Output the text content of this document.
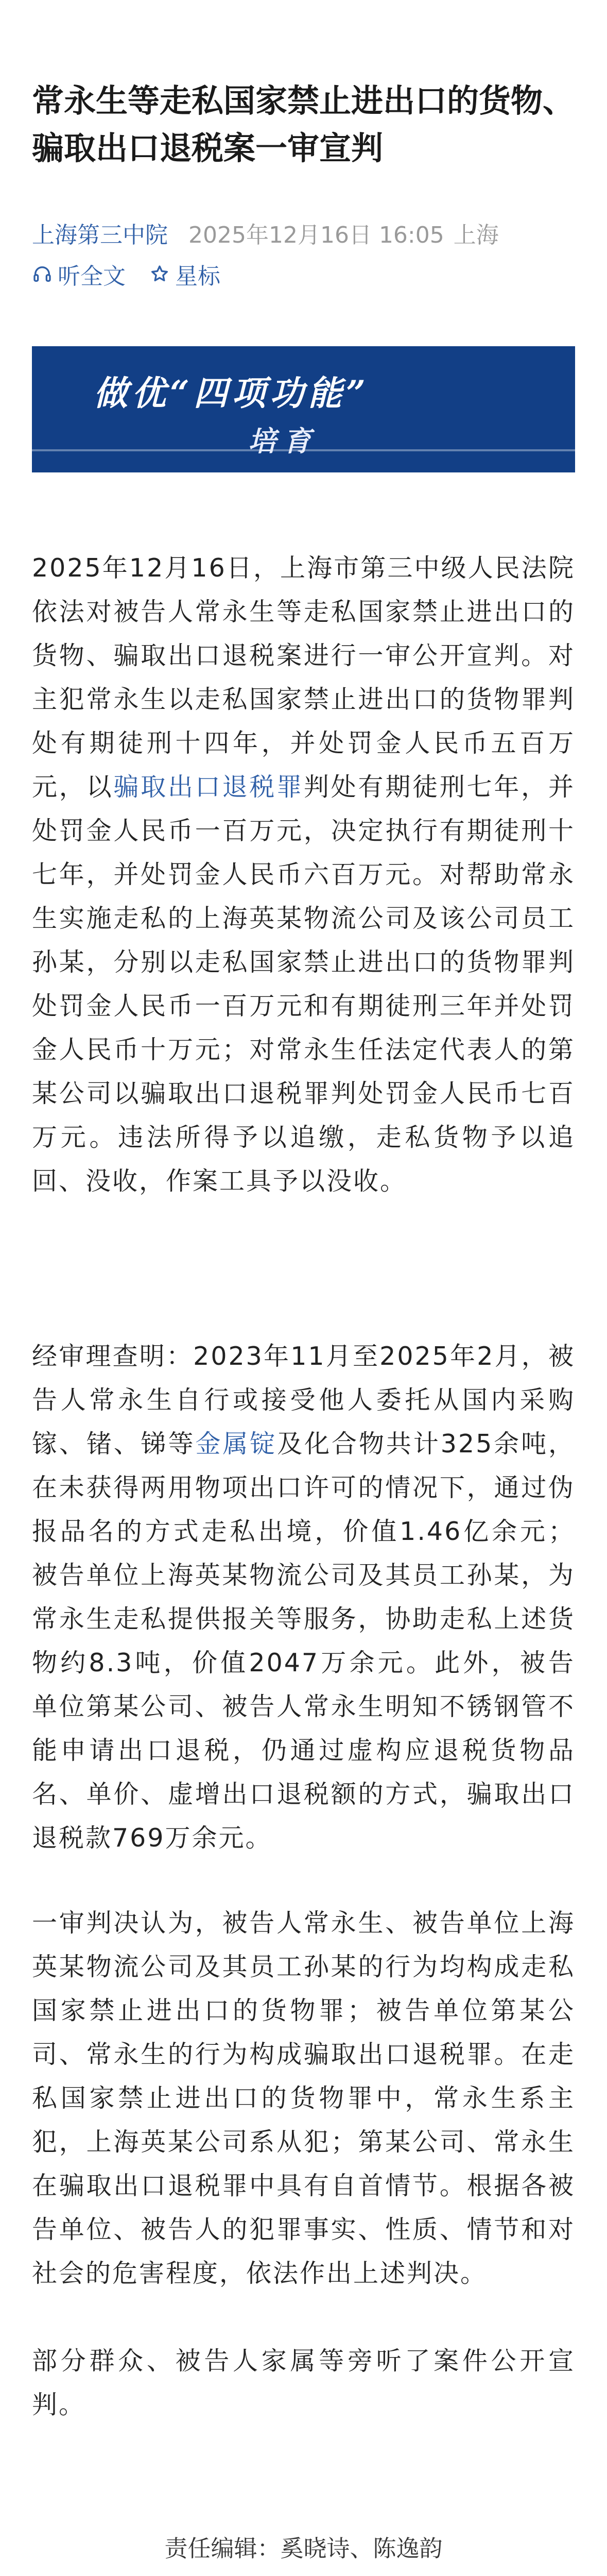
常永生等走私国家禁止进出口的货物、骗取出口退税案一审宣判
上海第三中院 2025年12月16日 16:05 上海
听全文 星标
做优“四项功能”
培育

2025年12月16日，上海市第三中级人民法院依法对被告人常永生等走私国家禁止进出口的货物、骗取出口退税案进行一审公开宣判。对主犯常永生以走私国家禁止进出口的货物罪判处有期徒刑十四年，并处罚金人民币五百万元，以骗取出口退税罪判处有期徒刑七年，并处罚金人民币一百万元，决定执行有期徒刑十七年，并处罚金人民币六百万元。对帮助常永生实施走私的上海英某物流公司及该公司员工孙某，分别以走私国家禁止进出口的货物罪判处罚金人民币一百万元和有期徒刑三年并处罚金人民币十万元；对常永生任法定代表人的第某公司以骗取出口退税罪判处罚金人民币七百万元。违法所得予以追缴，走私货物予以追回、没收，作案工具予以没收。

经审理查明：2023年11月至2025年2月，被告人常永生自行或接受他人委托从国内采购镓、锗、锑等金属锭及化合物共计325余吨，在未获得两用物项出口许可的情况下，通过伪报品名的方式走私出境，价值1.46亿余元；被告单位上海英某物流公司及其员工孙某，为常永生走私提供报关等服务，协助走私上述货物约8.3吨，价值2047万余元。此外，被告单位第某公司、被告人常永生明知不锈钢管不能申请出口退税，仍通过虚构应退税货物品名、单价、虚增出口退税额的方式，骗取出口退税款769万余元。

一审判决认为，被告人常永生、被告单位上海英某物流公司及其员工孙某的行为均构成走私国家禁止进出口的货物罪；被告单位第某公司、常永生的行为构成骗取出口退税罪。在走私国家禁止进出口的货物罪中，常永生系主犯，上海英某公司系从犯；第某公司、常永生在骗取出口退税罪中具有自首情节。根据各被告单位、被告人的犯罪事实、性质、情节和对社会的危害程度，依法作出上述判决。

部分群众、被告人家属等旁听了案件公开宣判。

责任编辑：奚晓诗、陈逸韵
